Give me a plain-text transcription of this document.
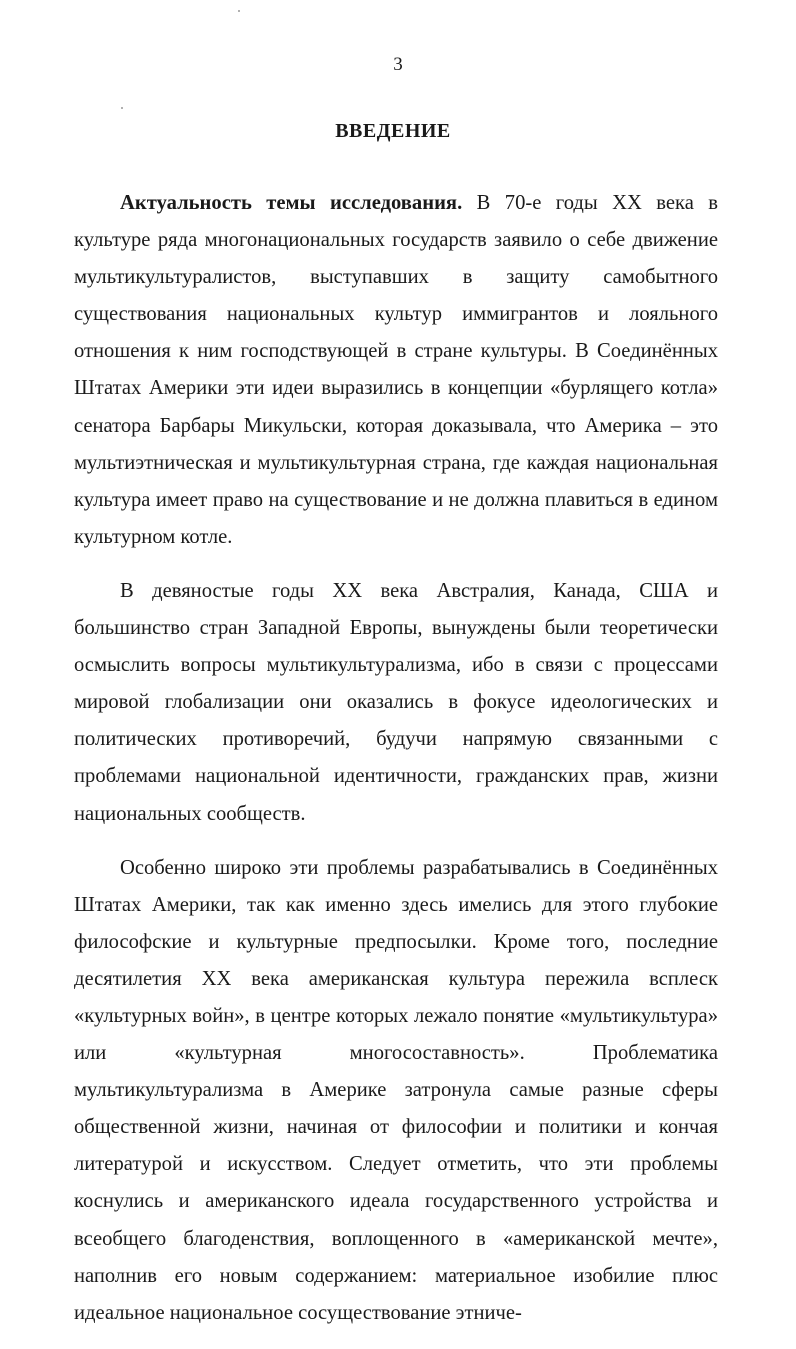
3
ВВЕДЕНИЕ

Актуальность темы исследования. В 70-е годы XX века в культуре ряда многонациональных государств заявило о себе движение мультикультуралистов, выступавших в защиту самобытного существования национальных культур иммигрантов и лояльного отношения к ним господствующей в стране культуры. В Соединённых Штатах Америки эти идеи выразились в концепции «бурлящего котла» сенатора Барбары Микульски, которая доказывала, что Америка – это мультиэтническая и мультикультурная страна, где каждая национальная культура имеет право на существование и не должна плавиться в едином культурном котле.

В девяностые годы XX века Австралия, Канада, США и большинство стран Западной Европы, вынуждены были теоретически осмыслить вопросы мультикультурализма, ибо в связи с процессами мировой глобализации они оказались в фокусе идеологических и политических противоречий, будучи напрямую связанными с проблемами национальной идентичности, гражданских прав, жизни национальных сообществ.

Особенно широко эти проблемы разрабатывались в Соединённых Штатах Америки, так как именно здесь имелись для этого глубокие философские и культурные предпосылки. Кроме того, последние десятилетия XX века американская культура пережила всплеск «культурных войн», в центре которых лежало понятие «мультикультура» или «культурная многосоставность». Проблематика мультикультурализма в Америке затронула самые разные сферы общественной жизни, начиная от философии и политики и кончая литературой и искусством. Следует отметить, что эти проблемы коснулись и американского идеала государственного устройства и всеобщего благоденствия, воплощенного в «американской мечте», наполнив его новым содержанием: материальное изобилие плюс идеальное национальное сосуществование этниче-
